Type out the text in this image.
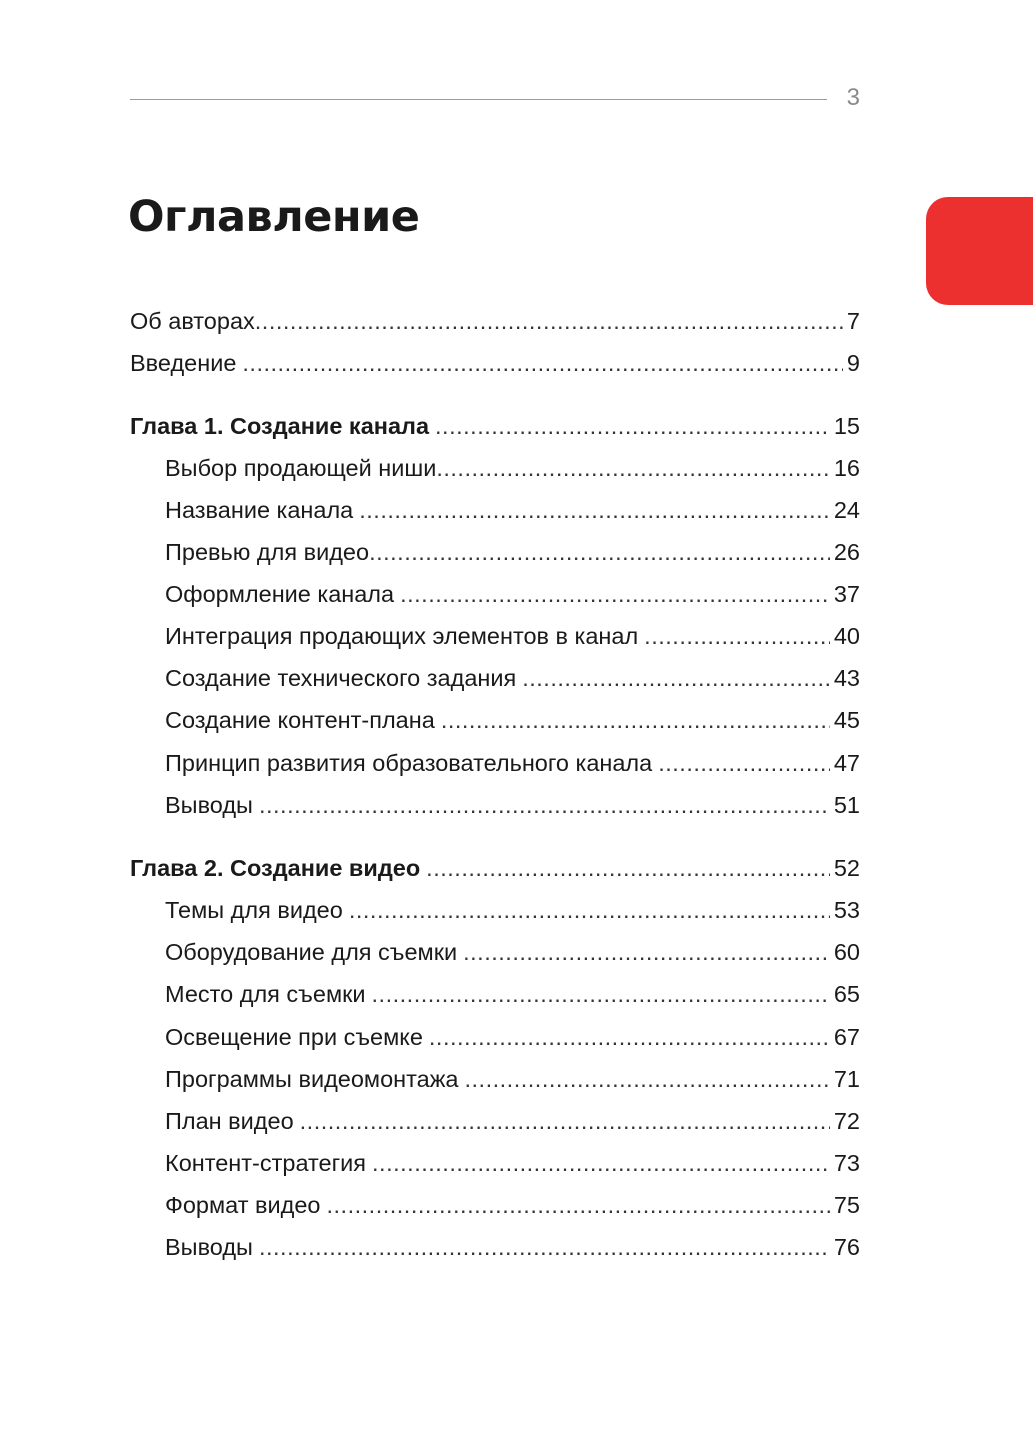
3
Оглавление
Об авторах .....	7
Введение .....	9
Глава 1. Создание канала .....	15
Выбор продающей ниши .....	16
Название канала .....	24
Превью для видео .....	26
Оформление канала .....	37
Интеграция продающих элементов в канал .....	40
Создание технического задания .....	43
Создание контент-плана .....	45
Принцип развития образовательного канала .....	47
Выводы .....	51
Глава 2. Создание видео .....	52
Темы для видео .....	53
Оборудование для съемки .....	60
Место для съемки .....	65
Освещение при съемке .....	67
Программы видеомонтажа .....	71
План видео .....	72
Контент-стратегия .....	73
Формат видео .....	75
Выводы .....	76
